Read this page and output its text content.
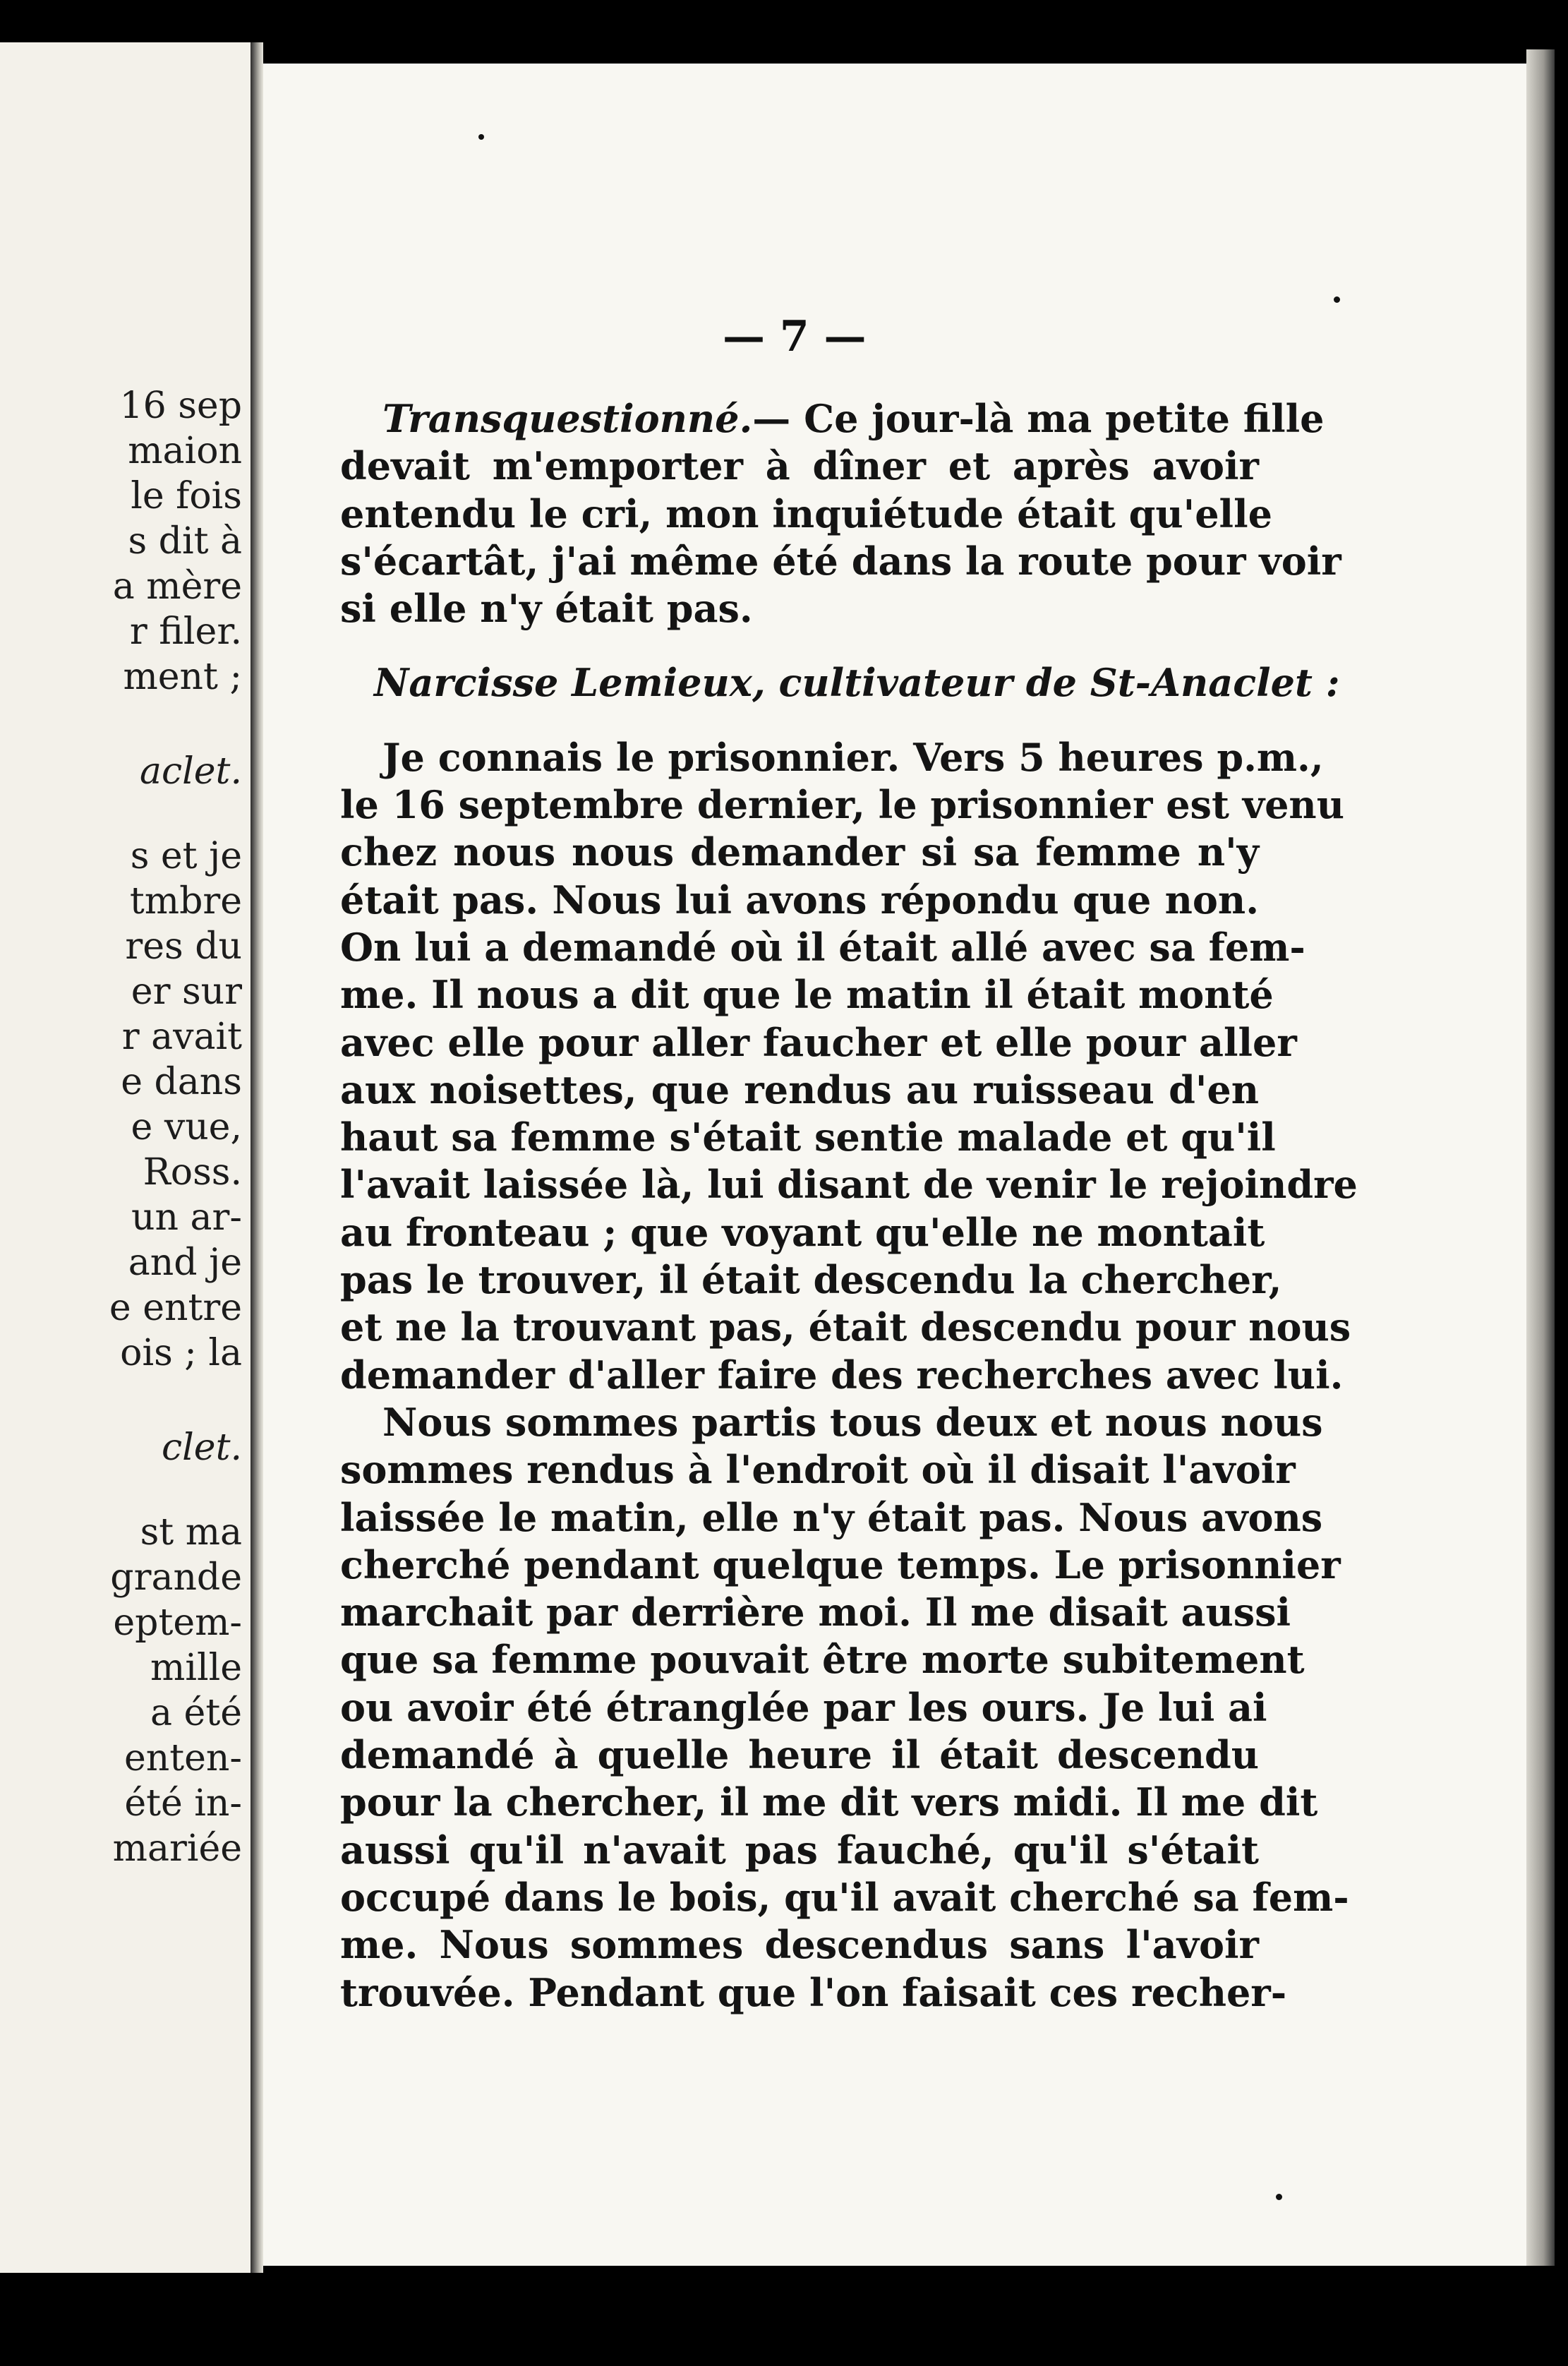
16 sep
maion
le fois
s dit à
a mère
r filer.
ment ;
aclet.
s et je
tmbre
res du
er sur
r avait
e dans
e vue,
Ross.
un ar-
and je
e entre
ois ; la
clet.
st ma
grande
eptem-
mille
a été
enten-
été in-
mariée
— 7 —
Transquestionné.— Ce jour-là ma petite fille
devait m'emporter à dîner et après avoir
entendu le cri, mon inquiétude était qu'elle
s'écartât, j'ai même été dans la route pour voir
si elle n'y était pas.
Narcisse Lemieux, cultivateur de St-Anaclet :
Je connais le prisonnier. Vers 5 heures p.m.,
le 16 septembre dernier, le prisonnier est venu
chez nous nous demander si sa femme n'y
était pas. Nous lui avons répondu que non.
On lui a demandé où il était allé avec sa fem-
me. Il nous a dit que le matin il était monté
avec elle pour aller faucher et elle pour aller
aux noisettes, que rendus au ruisseau d'en
haut sa femme s'était sentie malade et qu'il
l'avait laissée là, lui disant de venir le rejoindre
au fronteau ; que voyant qu'elle ne montait
pas le trouver, il était descendu la chercher,
et ne la trouvant pas, était descendu pour nous
demander d'aller faire des recherches avec lui.
Nous sommes partis tous deux et nous nous
sommes rendus à l'endroit où il disait l'avoir
laissée le matin, elle n'y était pas. Nous avons
cherché pendant quelque temps. Le prisonnier
marchait par derrière moi. Il me disait aussi
que sa femme pouvait être morte subitement
ou avoir été étranglée par les ours. Je lui ai
demandé à quelle heure il était descendu
pour la chercher, il me dit vers midi. Il me dit
aussi qu'il n'avait pas fauché, qu'il s'était
occupé dans le bois, qu'il avait cherché sa fem-
me. Nous sommes descendus sans l'avoir
trouvée. Pendant que l'on faisait ces recher-
